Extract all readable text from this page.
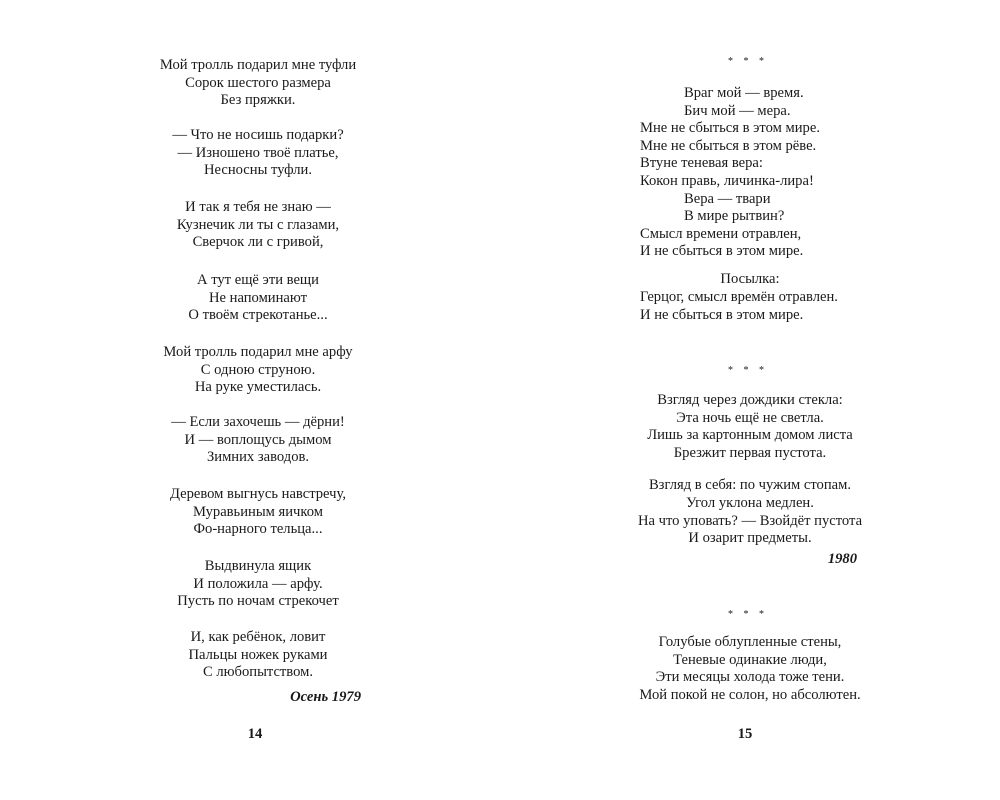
Мой тролль подарил мне туфли
Сорок шестого размера
Без пряжки.
— Что не носишь подарки?
— Изношено твоё платье,
Несносны туфли.
И так я тебя не знаю —
Кузнечик ли ты с глазами,
Сверчок ли с гривой,
А тут ещё эти вещи
Не напоминают
О твоём стрекотанье...
Мой тролль подарил мне арфу
С одною струною.
На руке уместилась.
— Если захочешь — дёрни!
И — воплощусь дымом
Зимних заводов.
Деревом выгнусь навстречу,
Муравьиным яичком
Фо-нарного тельца...
Выдвинула ящик
И положила — арфу.
Пусть по ночам стрекочет
И, как ребёнок, ловит
Пальцы ножек руками
С любопытством.
Осень 1979
14
* * *
Враг мой — время.
Бич мой — мера.
Мне не сбыться в этом мире.
Мне не сбыться в этом рёве.
Втуне теневая вера:
Кокон правь, личинка-лира!
Вера — твари
В мире рытвин?
Смысл времени отравлен,
И не сбыться в этом мире.
Посылка:
Герцог, смысл времён отравлен.
И не сбыться в этом мире.
* * *
Взгляд через дождики стекла:
Эта ночь ещё не светла.
Лишь за картонным домом листа
Брезжит первая пустота.
Взгляд в себя: по чужим стопам.
Угол уклона медлен.
На что уповать? — Взойдёт пустота
И озарит предметы.
1980
* * *
Голубые облупленные стены,
Теневые одинакие люди,
Эти месяцы холода тоже тени.
Мой покой не солон, но абсолютен.
15
